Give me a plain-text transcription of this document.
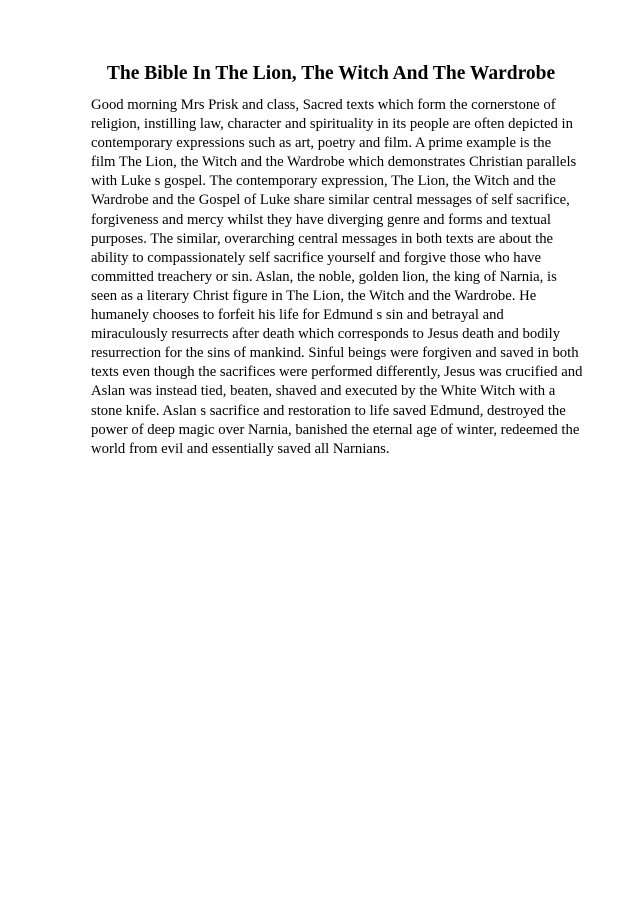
The Bible In The Lion, The Witch And The Wardrobe
Good morning Mrs Prisk and class, Sacred texts which form the cornerstone of
religion, instilling law, character and spirituality in its people are often depicted in
contemporary expressions such as art, poetry and film. A prime example is the
film The Lion, the Witch and the Wardrobe which demonstrates Christian parallels
with Luke s gospel. The contemporary expression, The Lion, the Witch and the
Wardrobe and the Gospel of Luke share similar central messages of self sacrifice,
forgiveness and mercy whilst they have diverging genre and forms and textual
purposes. The similar, overarching central messages in both texts are about the
ability to compassionately self sacrifice yourself and forgive those who have
committed treachery or sin. Aslan, the noble, golden lion, the king of Narnia, is
seen as a literary Christ figure in The Lion, the Witch and the Wardrobe. He
humanely chooses to forfeit his life for Edmund s sin and betrayal and
miraculously resurrects after death which corresponds to Jesus death and bodily
resurrection for the sins of mankind. Sinful beings were forgiven and saved in both
texts even though the sacrifices were performed differently, Jesus was crucified and
Aslan was instead tied, beaten, shaved and executed by the White Witch with a
stone knife. Aslan s sacrifice and restoration to life saved Edmund, destroyed the
power of deep magic over Narnia, banished the eternal age of winter, redeemed the
world from evil and essentially saved all Narnians.
